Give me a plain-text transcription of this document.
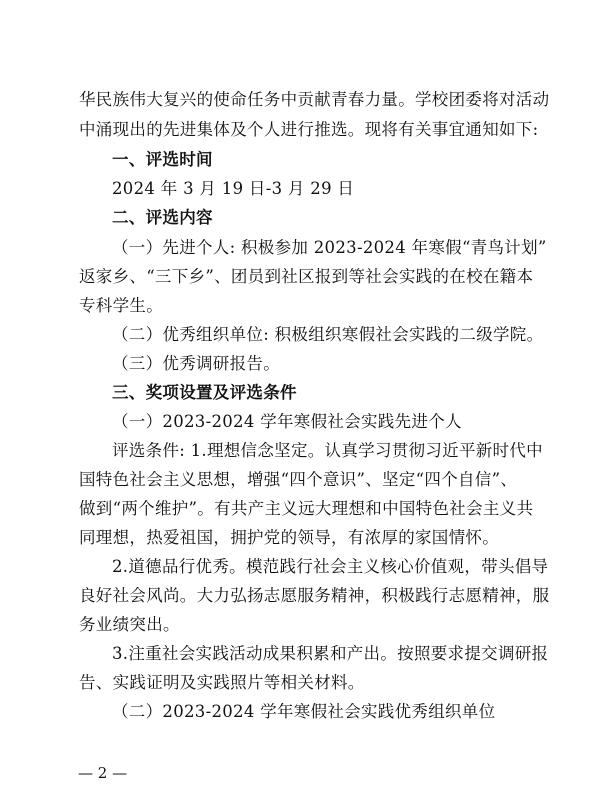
华民族伟大复兴的使命任务中贡献青春力量。学校团委将对活动
中涌现出的先进集体及个人进行推选。现将有关事宜通知如下:
一、评选时间
2024 年 3 月 19 日-3 月 29 日
二、评选内容
（一）先进个人: 积极参加 2023-2024 年寒假“青鸟计划”
返家乡、“三下乡”、团员到社区报到等社会实践的在校在籍本
专科学生。
（二）优秀组织单位: 积极组织寒假社会实践的二级学院。
（三）优秀调研报告。
三、奖项设置及评选条件
（一）2023-2024 学年寒假社会实践先进个人
评选条件: 1.理想信念坚定。认真学习贯彻习近平新时代中
国特色社会主义思想，增强“四个意识”、坚定“四个自信”、
做到“两个维护”。有共产主义远大理想和中国特色社会主义共
同理想，热爱祖国，拥护党的领导，有浓厚的家国情怀。
2.道德品行优秀。模范践行社会主义核心价值观，带头倡导
良好社会风尚。大力弘扬志愿服务精神，积极践行志愿精神，服
务业绩突出。
3.注重社会实践活动成果积累和产出。按照要求提交调研报
告、实践证明及实践照片等相关材料。
（二）2023-2024 学年寒假社会实践优秀组织单位
— 2 —
